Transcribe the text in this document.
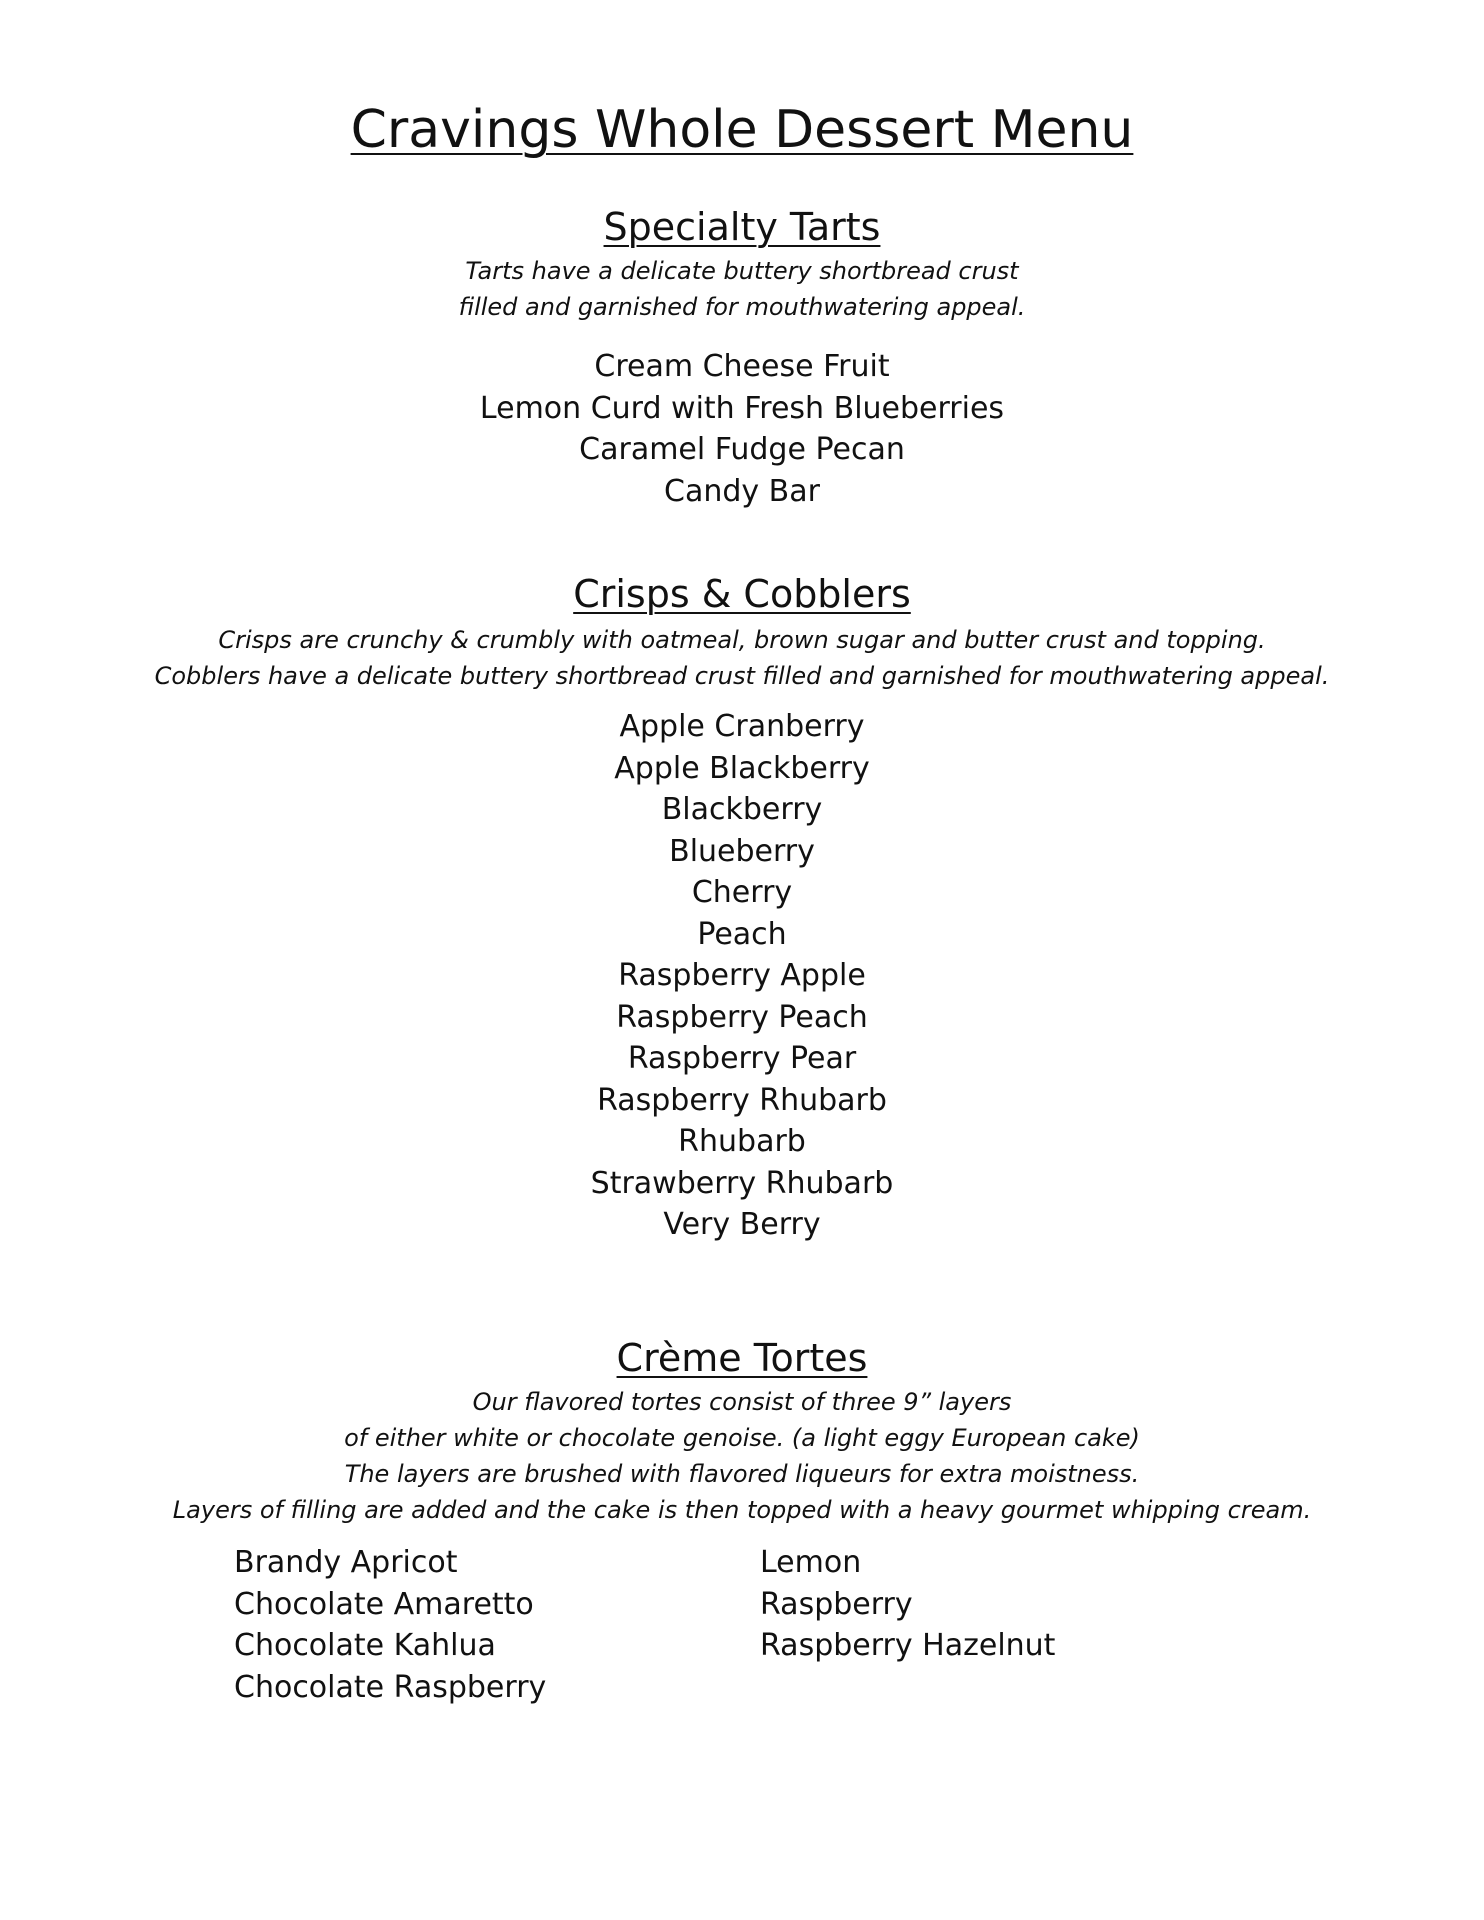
Cravings Whole Dessert Menu
Specialty Tarts

Tarts have a delicate buttery shortbread crust

filled and garnished for mouthwatering appeal.

Cream Cheese Fruit
Lemon Curd with Fresh Blueberries
Caramel Fudge Pecan
Candy Bar
Crisps & Cobblers

Crisps are crunchy & crumbly with oatmeal, brown sugar and butter crust and topping.

Cobblers have a delicate buttery shortbread crust filled and garnished for mouthwatering appeal.

Apple Cranberry
Apple Blackberry
Blackberry
Blueberry
Cherry
Peach
Raspberry Apple
Raspberry Peach
Raspberry Pear
Raspberry Rhubarb
Rhubarb
Strawberry Rhubarb
Very Berry
Crème Tortes

Our flavored tortes consist of three 9” layers

of either white or chocolate genoise. (a light eggy European cake)

The layers are brushed with flavored liqueurs for extra moistness.

Layers of filling are added and the cake is then topped with a heavy gourmet whipping cream.

Brandy Apricot
Chocolate Amaretto
Chocolate Kahlua
Chocolate Raspberry
Lemon
Raspberry
Raspberry Hazelnut
